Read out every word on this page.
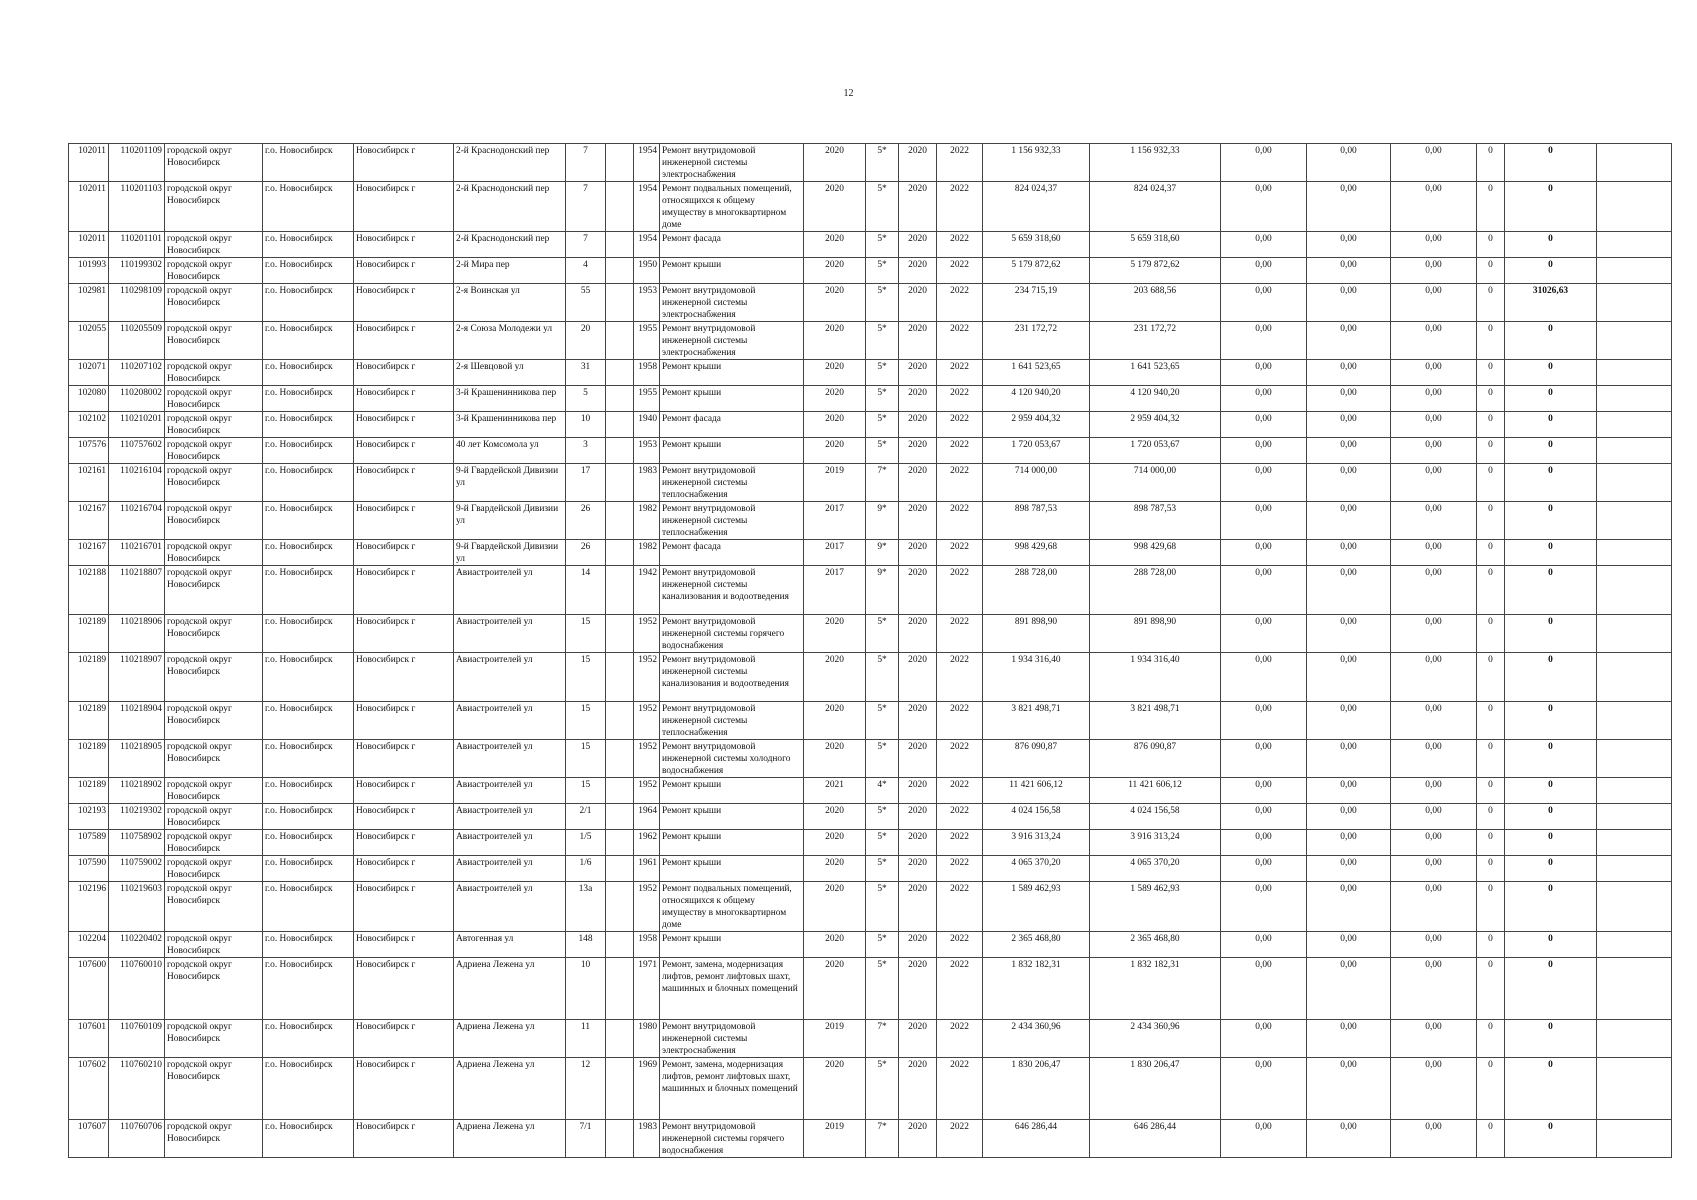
12
102011	110201109	городской округ Новосибирск	г.о. Новосибирск	Новосибирск г	2-й Краснодонский пер	7		1954	Ремонт внутридомовой инженерной системы электроснабжения	2020	5*	2020	2022	1 156 932,33	1 156 932,33	0,00	0,00	0,00	0	0	
102011	110201103	городской округ Новосибирск	г.о. Новосибирск	Новосибирск г	2-й Краснодонский пер	7		1954	Ремонт подвальных помещений, относящихся к общему имуществу в многоквартирном доме	2020	5*	2020	2022	824 024,37	824 024,37	0,00	0,00	0,00	0	0	
102011	110201101	городской округ Новосибирск	г.о. Новосибирск	Новосибирск г	2-й Краснодонский пер	7		1954	Ремонт фасада	2020	5*	2020	2022	5 659 318,60	5 659 318,60	0,00	0,00	0,00	0	0	
101993	110199302	городской округ Новосибирск	г.о. Новосибирск	Новосибирск г	2-й Мира пер	4		1950	Ремонт крыши	2020	5*	2020	2022	5 179 872,62	5 179 872,62	0,00	0,00	0,00	0	0	
102981	110298109	городской округ Новосибирск	г.о. Новосибирск	Новосибирск г	2-я Воинская ул	55		1953	Ремонт внутридомовой инженерной системы электроснабжения	2020	5*	2020	2022	234 715,19	203 688,56	0,00	0,00	0,00	0	31026,63	
102055	110205509	городской округ Новосибирск	г.о. Новосибирск	Новосибирск г	2-я Союза Молодежи ул	20		1955	Ремонт внутридомовой инженерной системы электроснабжения	2020	5*	2020	2022	231 172,72	231 172,72	0,00	0,00	0,00	0	0	
102071	110207102	городской округ Новосибирск	г.о. Новосибирск	Новосибирск г	2-я Шевцовой ул	31		1958	Ремонт крыши	2020	5*	2020	2022	1 641 523,65	1 641 523,65	0,00	0,00	0,00	0	0	
102080	110208002	городской округ Новосибирск	г.о. Новосибирск	Новосибирск г	3-й Крашенинникова пер	5		1955	Ремонт крыши	2020	5*	2020	2022	4 120 940,20	4 120 940,20	0,00	0,00	0,00	0	0	
102102	110210201	городской округ Новосибирск	г.о. Новосибирск	Новосибирск г	3-й Крашенинникова пер	10		1940	Ремонт фасада	2020	5*	2020	2022	2 959 404,32	2 959 404,32	0,00	0,00	0,00	0	0	
107576	110757602	городской округ Новосибирск	г.о. Новосибирск	Новосибирск г	40 лет Комсомола ул	3		1953	Ремонт крыши	2020	5*	2020	2022	1 720 053,67	1 720 053,67	0,00	0,00	0,00	0	0	
102161	110216104	городской округ Новосибирск	г.о. Новосибирск	Новосибирск г	9-й Гвардейской Дивизии ул	17		1983	Ремонт внутридомовой инженерной системы теплоснабжения	2019	7*	2020	2022	714 000,00	714 000,00	0,00	0,00	0,00	0	0	
102167	110216704	городской округ Новосибирск	г.о. Новосибирск	Новосибирск г	9-й Гвардейской Дивизии ул	26		1982	Ремонт внутридомовой инженерной системы теплоснабжения	2017	9*	2020	2022	898 787,53	898 787,53	0,00	0,00	0,00	0	0	
102167	110216701	городской округ Новосибирск	г.о. Новосибирск	Новосибирск г	9-й Гвардейской Дивизии ул	26		1982	Ремонт фасада	2017	9*	2020	2022	998 429,68	998 429,68	0,00	0,00	0,00	0	0	
102188	110218807	городской округ Новосибирск	г.о. Новосибирск	Новосибирск г	Авиастроителей ул	14		1942	Ремонт внутридомовой инженерной системы канализования и водоотведения	2017	9*	2020	2022	288 728,00	288 728,00	0,00	0,00	0,00	0	0	
102189	110218906	городской округ Новосибирск	г.о. Новосибирск	Новосибирск г	Авиастроителей ул	15		1952	Ремонт внутридомовой инженерной системы горячего водоснабжения	2020	5*	2020	2022	891 898,90	891 898,90	0,00	0,00	0,00	0	0	
102189	110218907	городской округ Новосибирск	г.о. Новосибирск	Новосибирск г	Авиастроителей ул	15		1952	Ремонт внутридомовой инженерной системы канализования и водоотведения	2020	5*	2020	2022	1 934 316,40	1 934 316,40	0,00	0,00	0,00	0	0	
102189	110218904	городской округ Новосибирск	г.о. Новосибирск	Новосибирск г	Авиастроителей ул	15		1952	Ремонт внутридомовой инженерной системы теплоснабжения	2020	5*	2020	2022	3 821 498,71	3 821 498,71	0,00	0,00	0,00	0	0	
102189	110218905	городской округ Новосибирск	г.о. Новосибирск	Новосибирск г	Авиастроителей ул	15		1952	Ремонт внутридомовой инженерной системы холодного водоснабжения	2020	5*	2020	2022	876 090,87	876 090,87	0,00	0,00	0,00	0	0	
102189	110218902	городской округ Новосибирск	г.о. Новосибирск	Новосибирск г	Авиастроителей ул	15		1952	Ремонт крыши	2021	4*	2020	2022	11 421 606,12	11 421 606,12	0,00	0,00	0,00	0	0	
102193	110219302	городской округ Новосибирск	г.о. Новосибирск	Новосибирск г	Авиастроителей ул	2/1		1964	Ремонт крыши	2020	5*	2020	2022	4 024 156,58	4 024 156,58	0,00	0,00	0,00	0	0	
107589	110758902	городской округ Новосибирск	г.о. Новосибирск	Новосибирск г	Авиастроителей ул	1/5		1962	Ремонт крыши	2020	5*	2020	2022	3 916 313,24	3 916 313,24	0,00	0,00	0,00	0	0	
107590	110759002	городской округ Новосибирск	г.о. Новосибирск	Новосибирск г	Авиастроителей ул	1/6		1961	Ремонт крыши	2020	5*	2020	2022	4 065 370,20	4 065 370,20	0,00	0,00	0,00	0	0	
102196	110219603	городской округ Новосибирск	г.о. Новосибирск	Новосибирск г	Авиастроителей ул	13а		1952	Ремонт подвальных помещений, относящихся к общему имуществу в многоквартирном доме	2020	5*	2020	2022	1 589 462,93	1 589 462,93	0,00	0,00	0,00	0	0	
102204	110220402	городской округ Новосибирск	г.о. Новосибирск	Новосибирск г	Автогенная ул	148		1958	Ремонт крыши	2020	5*	2020	2022	2 365 468,80	2 365 468,80	0,00	0,00	0,00	0	0	
107600	110760010	городской округ Новосибирск	г.о. Новосибирск	Новосибирск г	Адриена Лежена ул	10		1971	Ремонт, замена, модернизация лифтов, ремонт лифтовых шахт, машинных и блочных помещений	2020	5*	2020	2022	1 832 182,31	1 832 182,31	0,00	0,00	0,00	0	0	
107601	110760109	городской округ Новосибирск	г.о. Новосибирск	Новосибирск г	Адриена Лежена ул	11		1980	Ремонт внутридомовой инженерной системы электроснабжения	2019	7*	2020	2022	2 434 360,96	2 434 360,96	0,00	0,00	0,00	0	0	
107602	110760210	городской округ Новосибирск	г.о. Новосибирск	Новосибирск г	Адриена Лежена ул	12		1969	Ремонт, замена, модернизация лифтов, ремонт лифтовых шахт, машинных и блочных помещений	2020	5*	2020	2022	1 830 206,47	1 830 206,47	0,00	0,00	0,00	0	0	
107607	110760706	городской округ Новосибирск	г.о. Новосибирск	Новосибирск г	Адриена Лежена ул	7/1		1983	Ремонт внутридомовой инженерной системы горячего водоснабжения	2019	7*	2020	2022	646 286,44	646 286,44	0,00	0,00	0,00	0	0	
